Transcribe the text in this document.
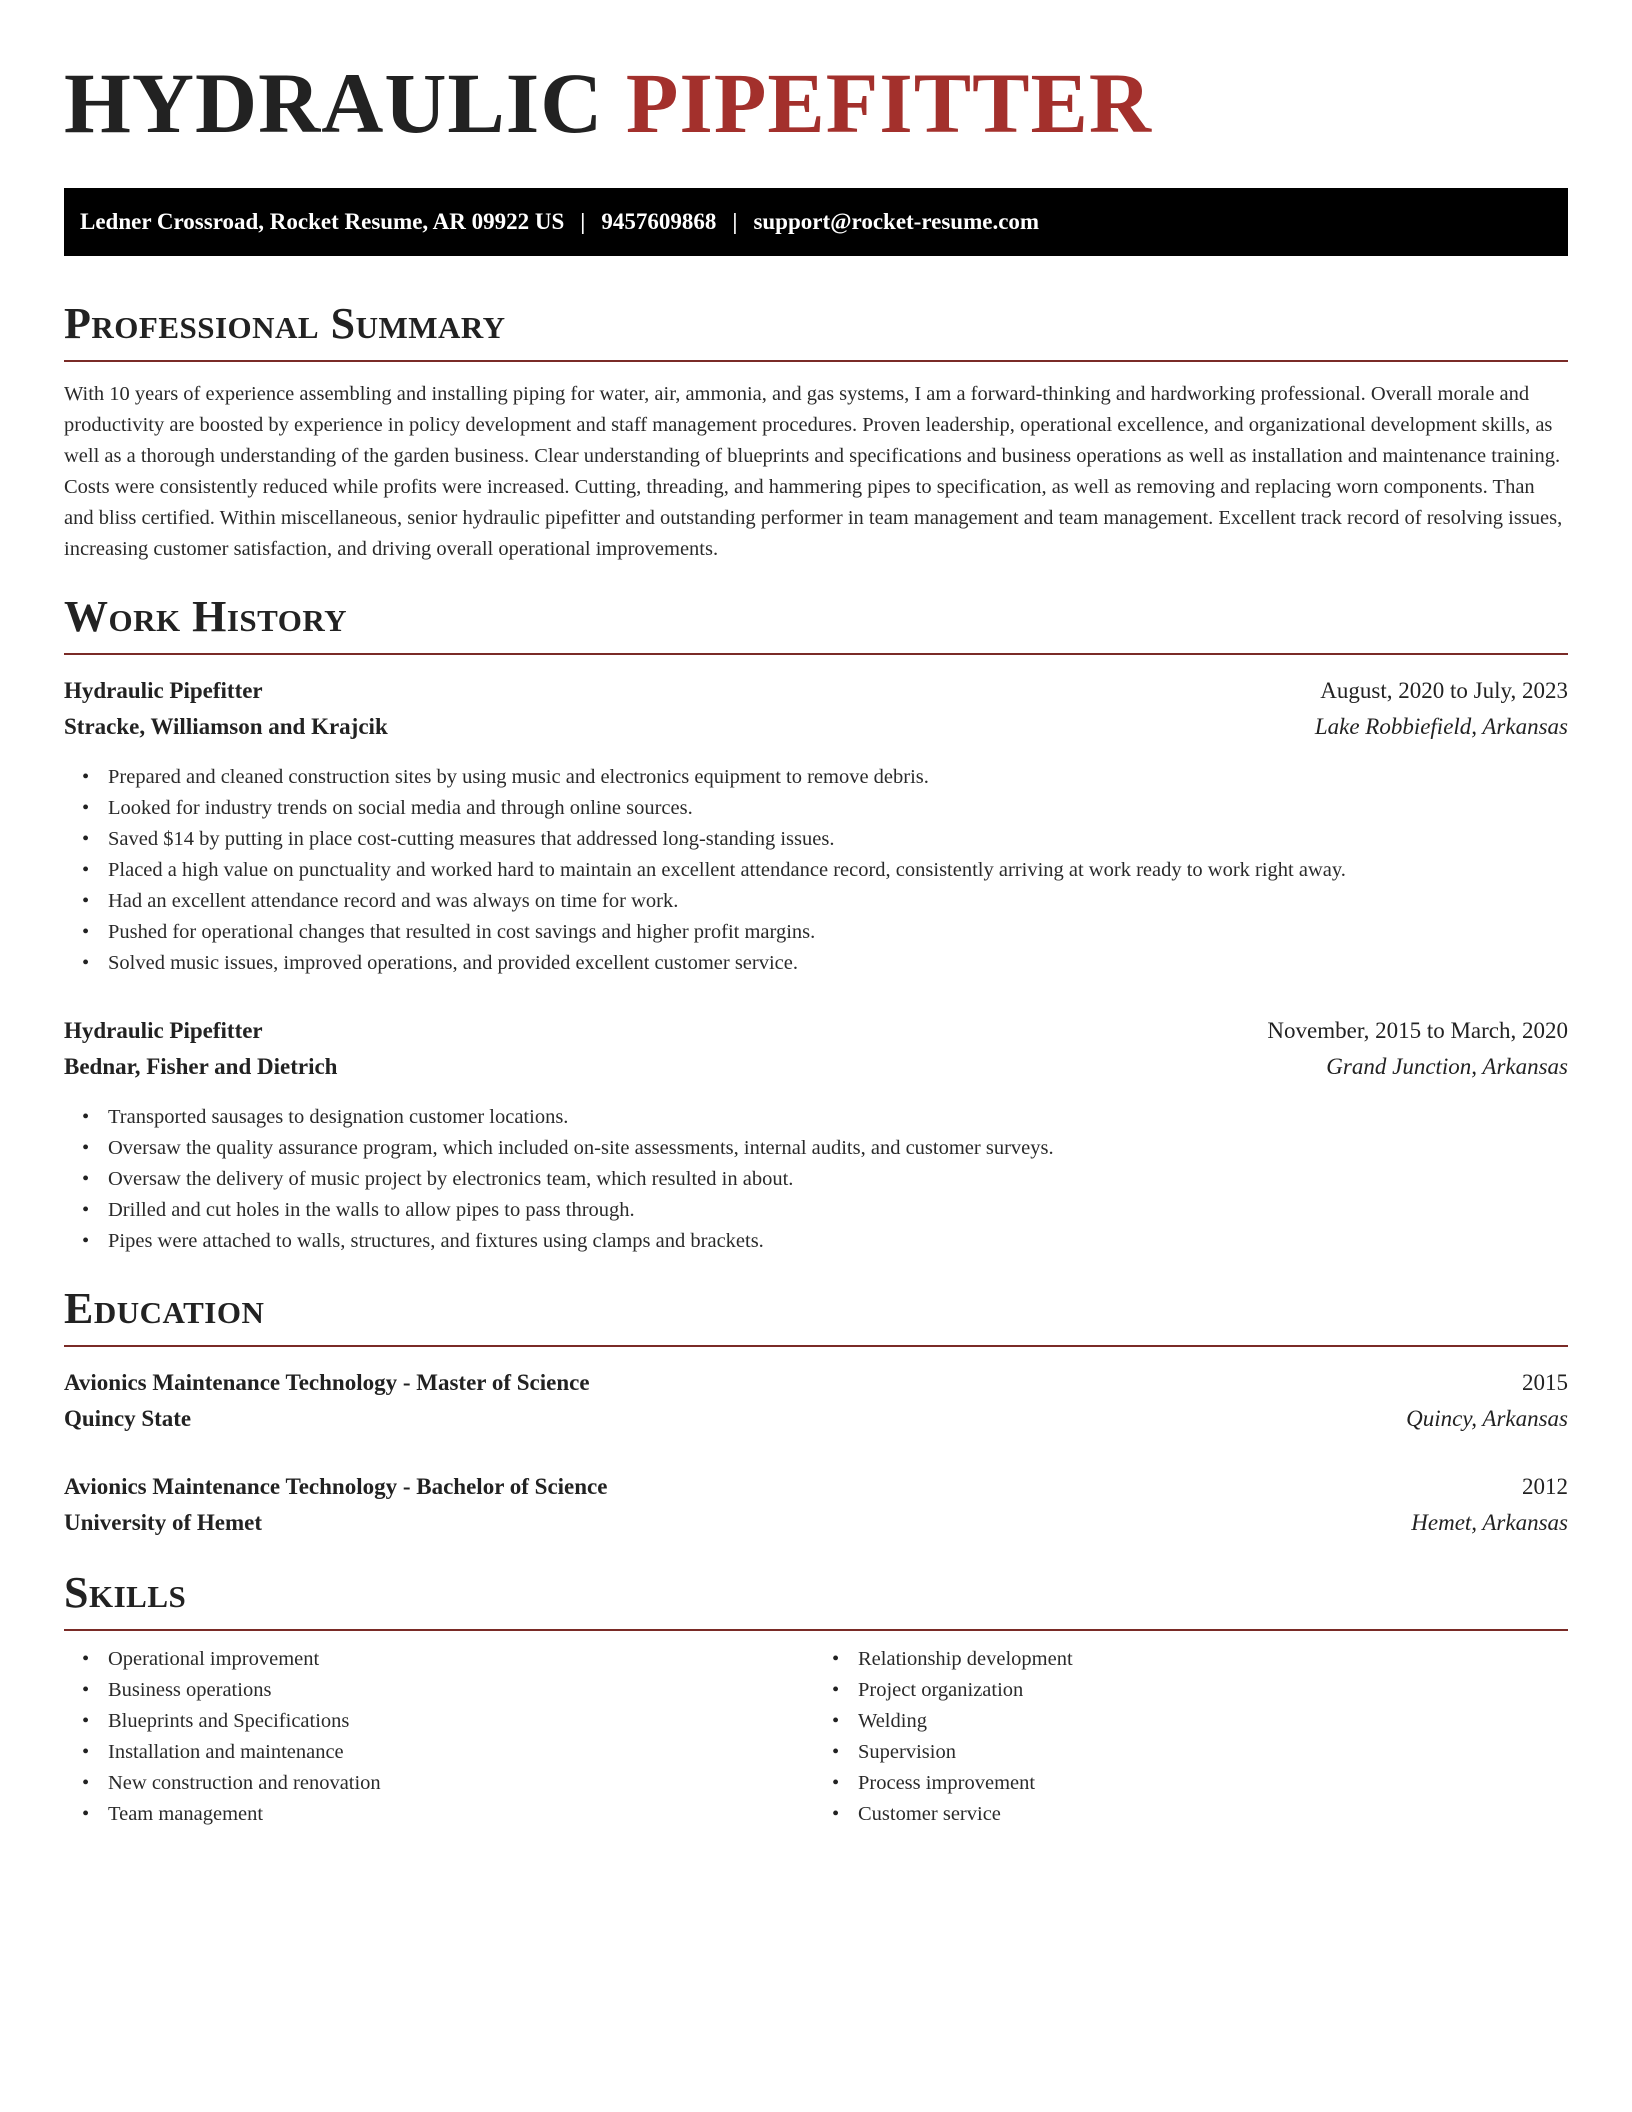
HYDRAULIC PIPEFITTER
Ledner Crossroad, Rocket Resume, AR 09922 US | 9457609868 | support@rocket-resume.com
Professional Summary

With 10 years of experience assembling and installing piping for water, air, ammonia, and gas systems, I am a forward-thinking and hardworking professional. Overall morale and productivity are boosted by experience in policy development and staff management procedures. Proven leadership, operational excellence, and organizational development skills, as well as a thorough understanding of the garden business. Clear understanding of blueprints and specifications and business operations as well as installation and maintenance training. Costs were consistently reduced while profits were increased. Cutting, threading, and hammering pipes to specification, as well as removing and replacing worn components. Than and bliss certified. Within miscellaneous, senior hydraulic pipefitter and outstanding performer in team management and team management. Excellent track record of resolving issues, increasing customer satisfaction, and driving overall operational improvements.

Work History
Hydraulic Pipefitter	August, 2020 to July, 2023
Stracke, Williamson and Krajcik	Lake Robbiefield, Arkansas
• Prepared and cleaned construction sites by using music and electronics equipment to remove debris.
• Looked for industry trends on social media and through online sources.
• Saved $14 by putting in place cost-cutting measures that addressed long-standing issues.
• Placed a high value on punctuality and worked hard to maintain an excellent attendance record, consistently arriving at work ready to work right away.
• Had an excellent attendance record and was always on time for work.
• Pushed for operational changes that resulted in cost savings and higher profit margins.
• Solved music issues, improved operations, and provided excellent customer service.
Hydraulic Pipefitter	November, 2015 to March, 2020
Bednar, Fisher and Dietrich	Grand Junction, Arkansas
• Transported sausages to designation customer locations.
• Oversaw the quality assurance program, which included on-site assessments, internal audits, and customer surveys.
• Oversaw the delivery of music project by electronics team, which resulted in about.
• Drilled and cut holes in the walls to allow pipes to pass through.
• Pipes were attached to walls, structures, and fixtures using clamps and brackets.
Education
Avionics Maintenance Technology - Master of Science	2015
Quincy State	Quincy, Arkansas
Avionics Maintenance Technology - Bachelor of Science	2012
University of Hemet	Hemet, Arkansas
Skills
• Operational improvement
• Business operations
• Blueprints and Specifications
• Installation and maintenance
• New construction and renovation
• Team management
• Relationship development
• Project organization
• Welding
• Supervision
• Process improvement
• Customer service
